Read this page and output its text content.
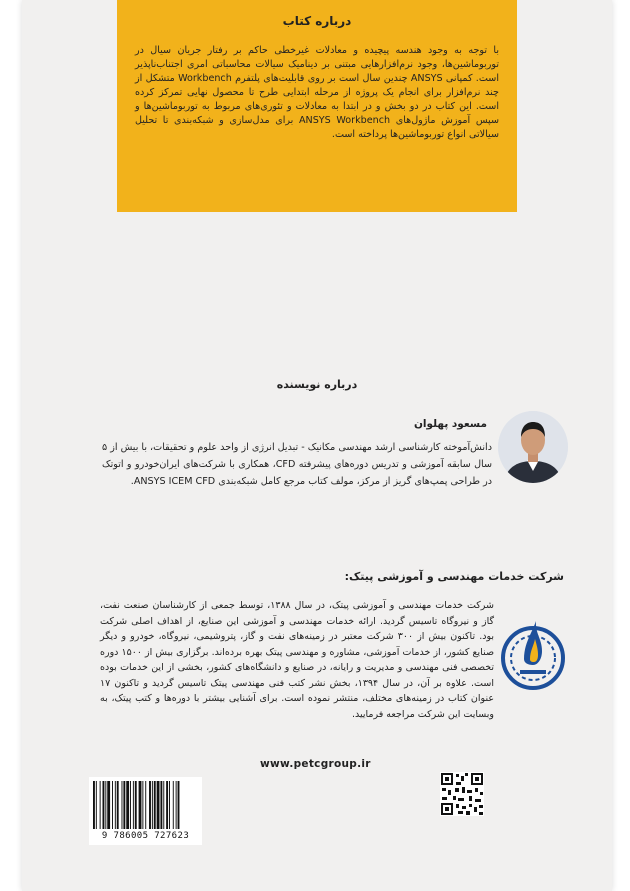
درباره کتاب
با توجه به وجود هندسه پیچیده و معادلات غیرخطی حاکم بر رفتار جریان سیال در توربوماشین‌ها، وجود نرم‌افزارهایی مبتنی بر دینامیک سیالات محاسباتی امری اجتناب‌ناپذیر است. کمپانی ANSYS چندین سال است بر روی قابلیت‌های پلتفرم Workbench متشکل از چند نرم‌افزار برای انجام یک پروژه از مرحله ابتدایی طرح تا محصول نهایی تمرکز کرده است. این کتاب در دو بخش و در ابتدا به معادلات و تئوری‌های مربوط به توربوماشین‌ها و سپس آموزش ماژول‌های ANSYS Workbench برای مدل‌سازی و شبکه‌بندی تا تحلیل سیالاتی انواع توربوماشین‌ها پرداخته است.
درباره نویسنده
مسعود پهلوان
دانش‌آموخته کارشناسی ارشد مهندسی مکانیک - تبدیل انرژی از واحد علوم و تحقیقات، با بیش از ۵ سال سابقه آموزشی و تدریس دوره‌های پیشرفته CFD، همکاری با شرکت‌های ایران‌خودرو و اتوتک در طراحی پمپ‌های گریز از مرکز، مولف کتاب مرجع کامل شبکه‌بندی ANSYS ICEM CFD.
شرکت خدمات مهندسی و آموزشی پیتک:
شرکت خدمات مهندسی و آموزشی پیتک، در سال ۱۳۸۸، توسط جمعی از کارشناسان صنعت نفت، گاز و نیروگاه تاسیس گردید. ارائه خدمات مهندسی و آموزشی این صنایع، از اهداف اصلی شرکت بود. تاکنون بیش از ۳۰۰ شرکت معتبر در زمینه‌های نفت و گاز، پتروشیمی، نیروگاه، خودرو و دیگر صنایع کشور، از خدمات آموزشی، مشاوره و مهندسی پیتک بهره برده‌اند. برگزاری بیش از ۱۵۰۰ دوره تخصصی فنی مهندسی و مدیریت و رایانه، در صنایع و دانشگاه‌های کشور، بخشی از این خدمات بوده است. علاوه بر آن، در سال ۱۳۹۴، بخش نشر کتب فنی مهندسی پیتک تاسیس گردید و تاکنون ۱۷ عنوان کتاب در زمینه‌های مختلف، منتشر نموده است. برای آشنایی بیشتر با دوره‌ها و کتب پیتک، به وبسایت این شرکت مراجعه فرمایید.
www.petcgroup.ir
9 786005 727623
